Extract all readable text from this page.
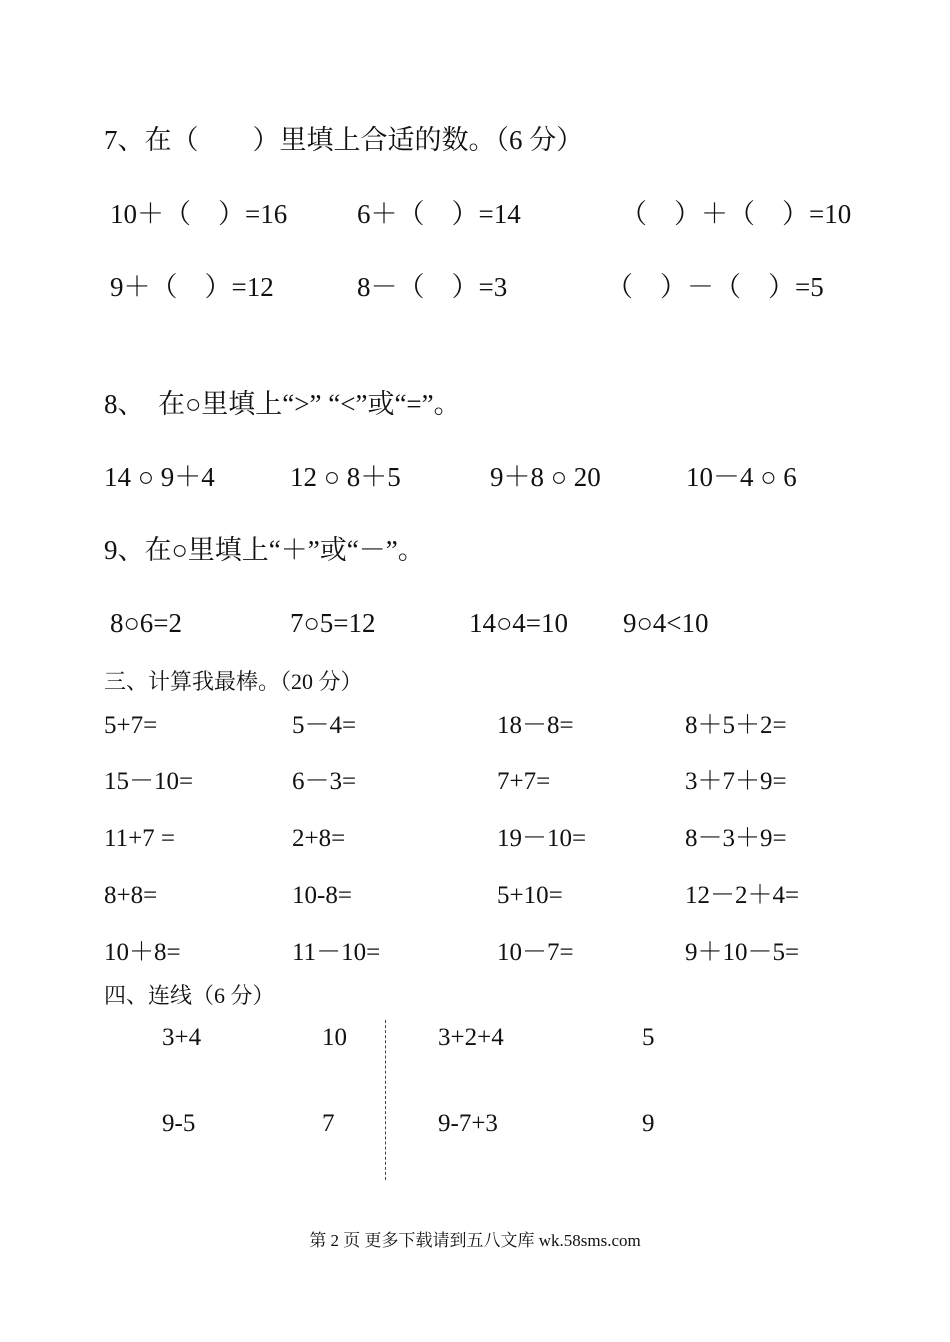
7、在（　　）里填上合适的数。（6 分）
10＋（　）=16	6＋（　）=14	（　）＋（　）=10
9＋（　）=12	8－（　）=3	（　）－（　）=5
8、　在○里填上“>” “<”或“=”。
14 ○ 9＋4	12 ○ 8＋5	9＋8 ○ 20	10－4 ○ 6
9、在○里填上“＋”或“－”。
8○6=2	7○5=12	14○4=10 9○4<10
三、计算我最棒。（20 分）
5+7=	5－4=	18－8=	8＋5＋2=
15－10=	6－3=	7+7=	3＋7＋9=
11+7 =	2+8=	19－10=	8－3＋9=
8+8=	10-8=	5+10=	12－2＋4=
10＋8=	11－10=	10－7=	9＋10－5=
四、连线（6 分）
3+4	10
9-5	7
3+2+4	5
9-7+3	9
第 2 页 更多下载请到五八文库 wk.58sms.com
